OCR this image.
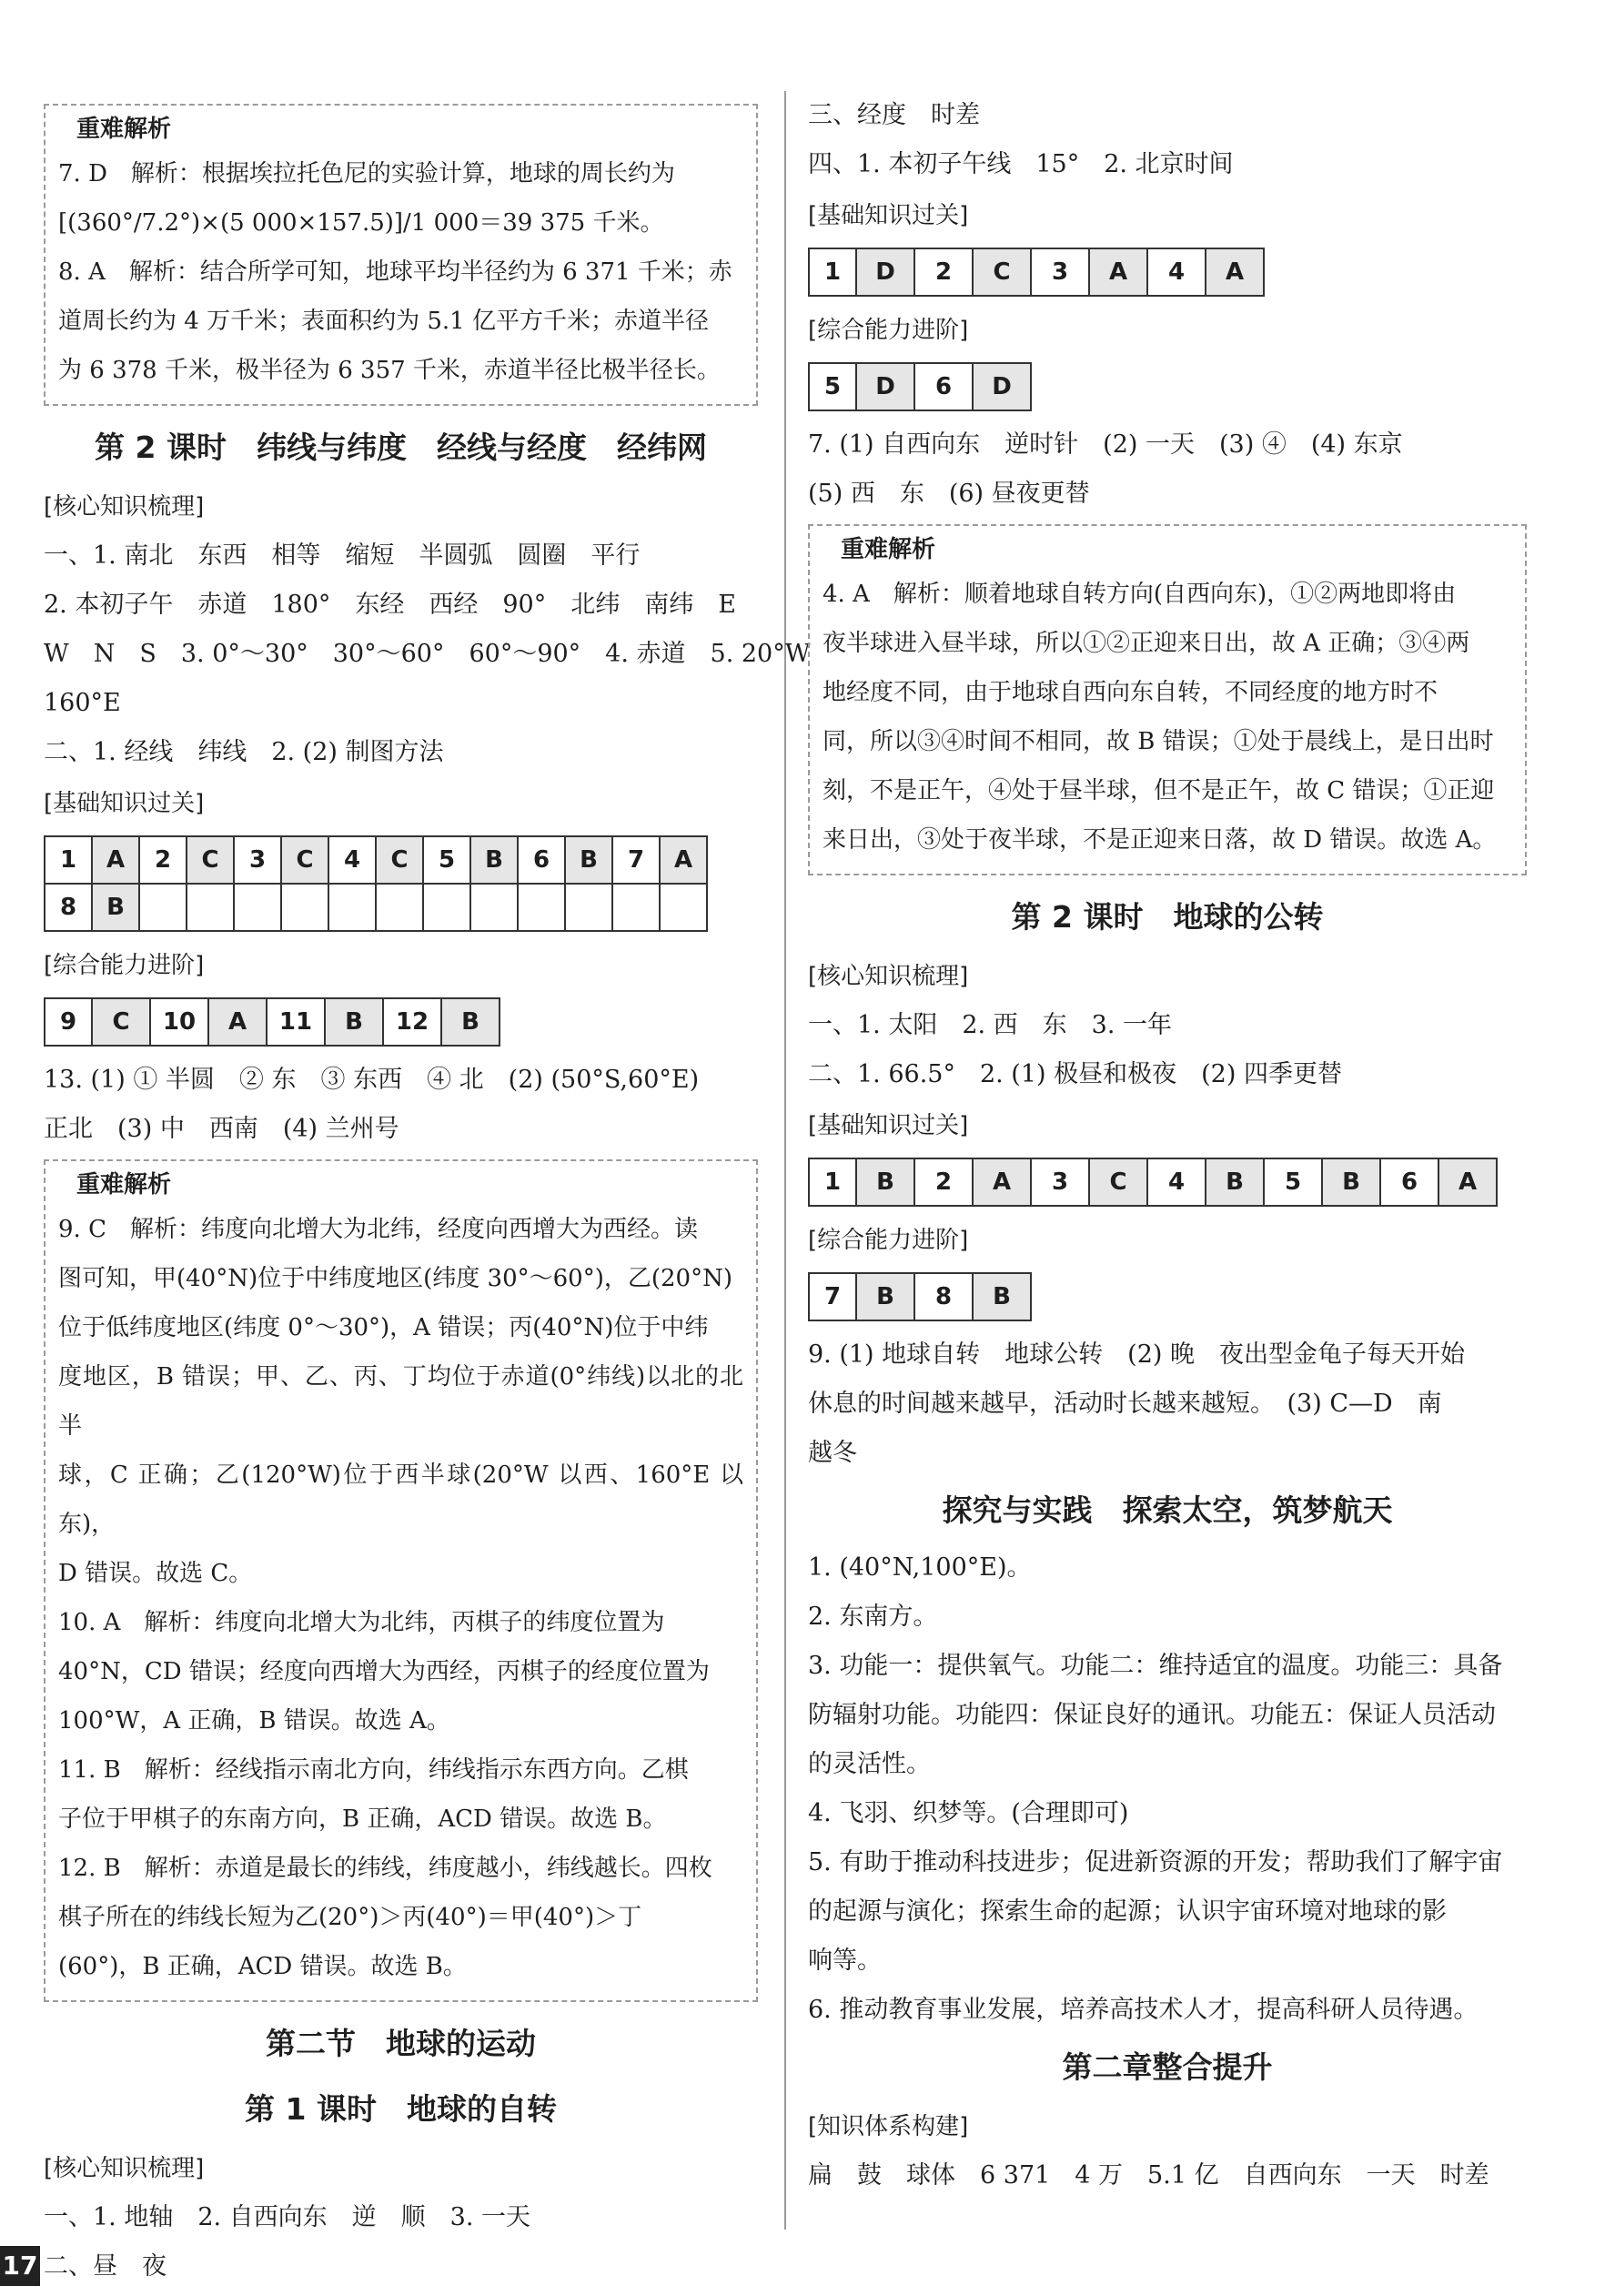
重难解析
7. D　解析：根据埃拉托色尼的实验计算，地球的周长约为
[(360°/7.2°)×(5 000×157.5)]/1 000＝39 375 千米。
8. A　解析：结合所学可知，地球平均半径约为 6 371 千米；赤
道周长约为 4 万千米；表面积约为 5.1 亿平方千米；赤道半径
为 6 378 千米，极半径为 6 357 千米，赤道半径比极半径长。
第 2 课时　纬线与纬度　经线与经度　经纬网
[ 核心知识梳理 ]
一、1. 南北　东西　相等　缩短　半圆弧　圆圈　平行
2. 本初子午　赤道　180°　东经　西经　90°　北纬　南纬　E
W　N　S　3. 0°～30°　30°～60°　60°～90°　4. 赤道　5. 20°W
160°E
二、1. 经线　纬线　2. (2) 制图方法
[ 基础知识过关 ]
1	A	2	C	3	C	4	C	5	B	6	B	7	A
8	B												
[ 综合能力进阶 ]
9	C	10	A	11	B	12	B
13. (1) ① 半圆　② 东　③ 东西　④ 北　(2) (50°S,60°E)
正北　(3) 中　西南　(4) 兰州号
重难解析
9. C　解析：纬度向北增大为北纬，经度向西增大为西经。读
图可知，甲(40°N)位于中纬度地区(纬度 30°～60°)，乙(20°N)
位于低纬度地区(纬度 0°～30°)，A 错误；丙(40°N)位于中纬
度地区，B 错误；甲、乙、丙、丁均位于赤道(0°纬线)以北的北半
球，C 正确；乙(120°W)位于西半球(20°W 以西、160°E 以东)，
D 错误。故选 C。
10. A　解析：纬度向北增大为北纬，丙棋子的纬度位置为
40°N，CD 错误；经度向西增大为西经，丙棋子的经度位置为
100°W，A 正确，B 错误。故选 A。
11. B　解析：经线指示南北方向，纬线指示东西方向。乙棋
子位于甲棋子的东南方向，B 正确，ACD 错误。故选 B。
12. B　解析：赤道是最长的纬线，纬度越小，纬线越长。四枚
棋子所在的纬线长短为乙(20°)＞丙(40°)＝甲(40°)＞丁
(60°)，B 正确，ACD 错误。故选 B。
第二节　地球的运动
第 1 课时　地球的自转
[ 核心知识梳理 ]
一、1. 地轴　2. 自西向东　逆　顺　3. 一天
二、昼　夜
三、经度　时差
四、1. 本初子午线　15°　2. 北京时间
[ 基础知识过关 ]
1	D	2	C	3	A	4	A
[ 综合能力进阶 ]
5	D	6	D
7. (1) 自西向东　逆时针　(2) 一天　(3) ④　(4) 东京
(5) 西　东　(6) 昼夜更替
重难解析
4. A　解析：顺着地球自转方向(自西向东)，①②两地即将由
夜半球进入昼半球，所以①②正迎来日出，故 A 正确；③④两
地经度不同，由于地球自西向东自转，不同经度的地方时不
同，所以③④时间不相同，故 B 错误；①处于晨线上，是日出时
刻，不是正午，④处于昼半球，但不是正午，故 C 错误；①正迎
来日出，③处于夜半球，不是正迎来日落，故 D 错误。故选 A。
第 2 课时　地球的公转
[ 核心知识梳理 ]
一、1. 太阳　2. 西　东　3. 一年
二、1. 66.5°　2. (1) 极昼和极夜　(2) 四季更替
[ 基础知识过关 ]
1	B	2	A	3	C	4	B	5	B	6	A
[ 综合能力进阶 ]
7	B	8	B
9. (1) 地球自转　地球公转　(2) 晚　夜出型金龟子每天开始
休息的时间越来越早，活动时长越来越短。　(3) C—D　南
越冬
探究与实践　探索太空，筑梦航天
1. (40°N,100°E)。
2. 东南方。
3. 功能一：提供氧气。功能二：维持适宜的温度。功能三：具备
防辐射功能。功能四：保证良好的通讯。功能五：保证人员活动
的灵活性。
4. 飞羽、织梦等。(合理即可)
5. 有助于推动科技进步；促进新资源的开发；帮助我们了解宇宙
的起源与演化；探索生命的起源；认识宇宙环境对地球的影
响等。
6. 推动教育事业发展，培养高技术人才，提高科研人员待遇。
第二章整合提升
[ 知识体系构建 ]
扁　鼓　球体　6 371　4 万　5.1 亿　自西向东　一天　时差
17
